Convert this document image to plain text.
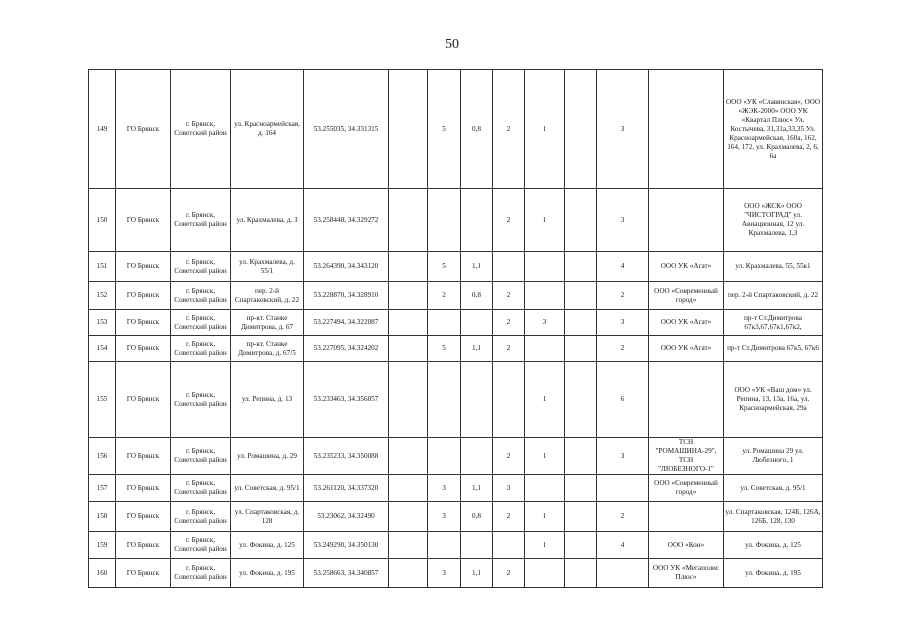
50
149	ГО Брянск	г. Брянск, Советский район	ул. Красноармейская, д. 164	53.255035, 34.331315		5	0,8	2	1		3		ООО «УК «Славянская», ООО «ЖЭК-2000» ООО УК «Квартал Плюс» Ул. Костычева, 31,31а,33,35 Ул. Красноармейская, 160а, 162, 164, 172, ул. Крахмалева, 2, 6, 6а
150	ГО Брянск	г. Брянск, Советский район	ул. Крахмалева, д. 3	53.258448, 34.329272				2	1		3		ООО «ЖСК» ООО "ЧИСТОГРАД" ул. Авиационная, 12 ул. Крахмалева, 1,3
151	ГО Брянск	г. Брянск, Советский район	ул. Крахмалева, д. 55/1	53.264390, 34.343120		5	1,1				4	ООО УК «Агат»	ул. Крахмалева, 55, 55к1
152	ГО Брянск	г. Брянск, Советский район	пер. 2-й Спартаковский, д. 22	53.228870, 34.328910		2	0,8	2			2	ООО «Современный город»	пер. 2-й Спартаковский, д. 22
153	ГО Брянск	г. Брянск, Советский район	пр-кт. Станке Димитрова, д. 67	53.227494, 34.322087				2	3		3	ООО УК «Агат»	пр-т Ст.Димитрова 67к3,67,67к1,67к2,
154	ГО Брянск	г. Брянск, Советский район	пр-кт. Станке Димитрова, д. 67/5	53.227095, 34.324202		5	1,1	2			2	ООО УК «Агат»	пр-т Ст.Димитрова 67к5, 67к6
155	ГО Брянск	г. Брянск, Советский район	ул. Репина, д. 13	53.233463, 34.356057					1		6		ООО «УК «Ваш дом» ул. Репина, 13, 13а, 16а, ул. Красноармейская, 29а
156	ГО Брянск	г. Брянск, Советский район	ул. Ромашина, д. 29	53.235233, 34.350088				2	1		3	ТСН "РОМАШИНА-29", ТСН "ЛЮБЕЗНОГО-1"	ул. Ромашина 29 ул. Любезного, 1
157	ГО Брянск	г. Брянск, Советский район	ул. Советская, д. 95/1	53.261120, 34.337320		3	1,1	3				ООО «Современный город»	ул. Советская, д. 95/1
158	ГО Брянск	г. Брянск, Советский район	ул. Спартаковская, д. 128	53.23062, 34.32490		3	0,8	2	1		2		ул. Спартаковская, 124Б, 126А, 126Б, 128, 130
159	ГО Брянск	г. Брянск, Советский район	ул. Фокина, д. 125	53.249290, 34.350130					1		4	ООО «Кон»	ул. Фокина, д. 125
160	ГО Брянск	г. Брянск, Советский район	ул. Фокина, д. 195	53.258663, 34.340857		3	1,1	2				ООО УК «Мегаполис Плюс»	ул. Фокина, д. 195
